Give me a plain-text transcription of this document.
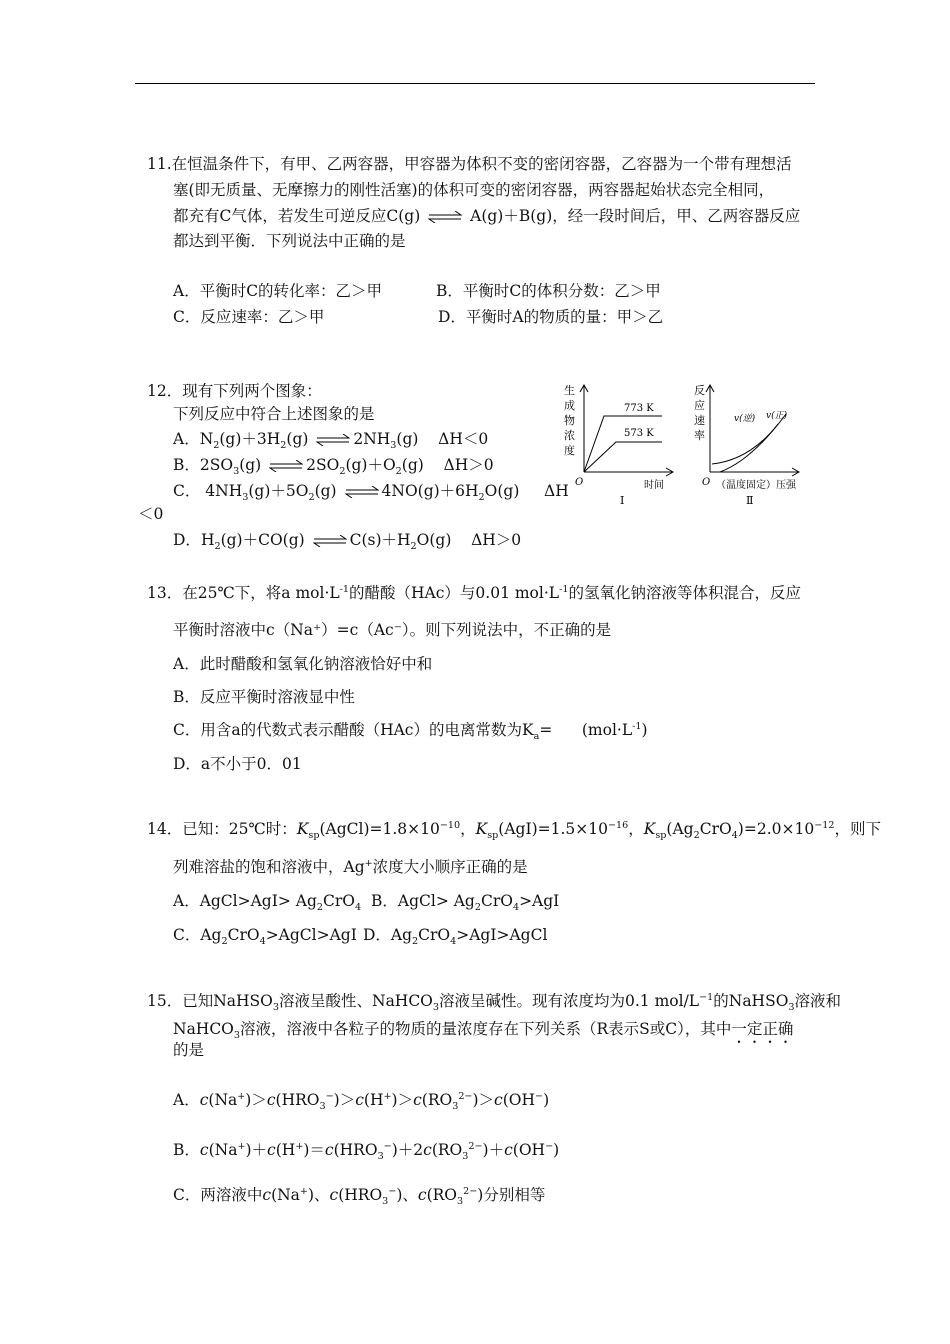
11.在恒温条件下，有甲、乙两容器，甲容器为体积不变的密闭容器，乙容器为一个带有理想活
塞(即无质量、无摩擦力的刚性活塞)的体积可变的密闭容器，两容器起始状态完全相同，
都充有C气体，若发生可逆反应C(g) ⇌ A(g)＋B(g)，经一段时间后，甲、乙两容器反应
都达到平衡．下列说法中正确的是
A．平衡时C的转化率：乙＞甲	B．平衡时C的体积分数：乙＞甲
C．反应速率：乙＞甲	D．平衡时A的物质的量：甲＞乙
12．现有下列两个图象：
下列反应中符合上述图象的是
A．$N_2(g)+3H_2(g)$ ⇌ $2NH_3(g)$    ΔH＜0
B．$2SO_3(g)$ ⇌ $2SO_2(g)+O_2(g)$    ΔH＞0
C． $4NH_3(g)+5O_2(g)$ ⇌ $4NO(g)+6H_2O(g)$     ΔH
＜0
D．$H_2(g)+CO(g)$ ⇌ $C(s)+H_2O(g)$    ΔH＞0
生
成
物
浓
度
773 K
573 K
O	时间
Ⅰ
反
应
速
率
v(逆) v(正)
O （温度固定）压强
Ⅱ
13．在25℃下，将a $mol\cdot L^{-1}$的醋酸（HAc）与0.01 $mol\cdot L^{-1}$的氢氧化钠溶液等体积混合，反应
平衡时溶液中c（Na⁺）=c（Ac⁻）。则下列说法中，不正确的是
A．此时醋酸和氢氧化钠溶液恰好中和
B．反应平衡时溶液显中性
C．用含a的代数式表示醋酸（HAc）的电离常数为$K_a=$      $(mol\cdot L^{-1})$
D．a不小于0．01
14．已知：25℃时：$K_{sp}(AgCl)=1.8\times 10^{-10}$，$K_{sp}(AgI)=1.5\times 10^{-16}$，$K_{sp}(Ag_2CrO_4)=2.0\times 10^{-12}$，则下
列难溶盐的饱和溶液中，Ag+浓度大小顺序正确的是
A．AgCl>AgI> $Ag_2CrO_4$ B．AgCl> $Ag_2CrO_4>AgI$
C．$Ag_2CrO_4>AgCl>AgI$ D．$Ag_2CrO_4>AgI>AgCl$
15．已知NaHSO$_3$溶液呈酸性、NaHCO$_3$溶液呈碱性。现有浓度均为0.1 mol/$L^{-1}$的NaHSO$_3$溶液和
NaHCO$_3$溶液，溶液中各粒子的物质的量浓度存在下列关系（R表示S或C），其中一定正确
的是
A．$c(Na^+)>c(HRO_3^-)>c(H^+)>c(RO_3^{2-})>c(OH^-)$
B．$c(Na^+)+c(H^+)=c(HRO_3^-)+2c(RO_3^{2-})+c(OH^-)$
C．两溶液中c(Na+)、$c(HRO_3^-)$、$c(RO_3^{2-})$分别相等
